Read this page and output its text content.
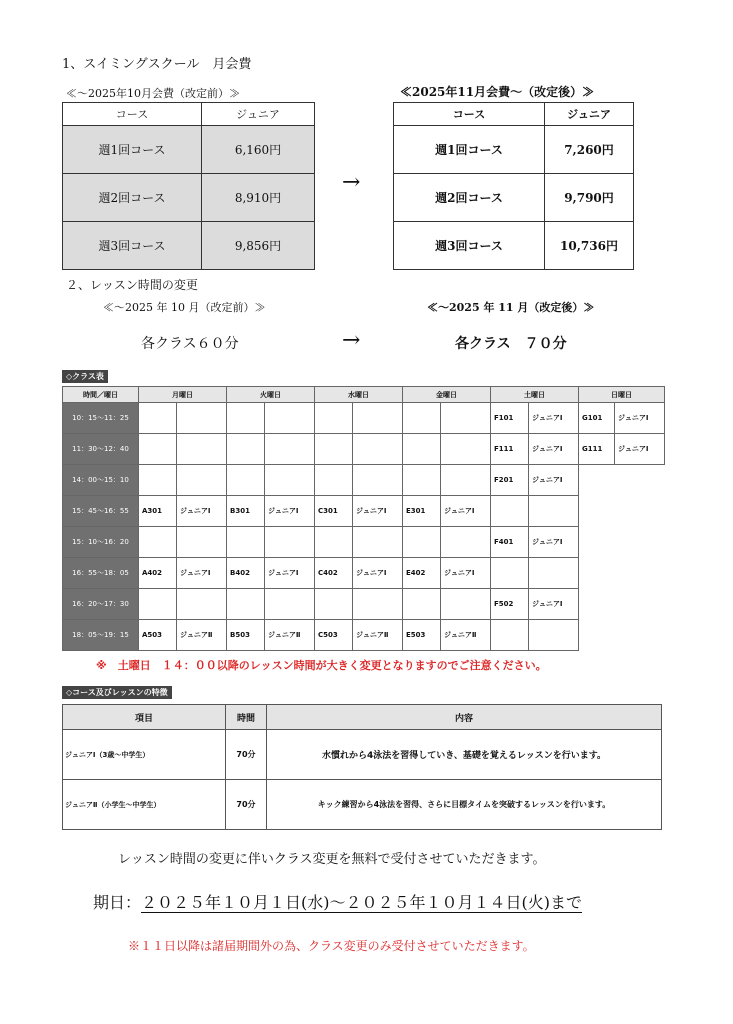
1、スイミングスクール　月会費
≪～2025年10月会費（改定前）≫	≪2025年11月会費～（改定後）≫
コース	ジュニア
週1回コース	6,160円
週2回コース	8,910円
週3回コース	9,856円
→
コース	ジュニア
週1回コース	7,260円
週2回コース	9,790円
週3回コース	10,736円
２、レッスン時間の変更
≪～2025 年 10 月（改定前）≫	≪～2025 年 11 月（改定後）≫
各クラス６０分	→	各クラス　７０分
◇クラス表
時間／曜日	月曜日		火曜日		水曜日		金曜日		土曜日		日曜日	
10：15～11：25									F101	ジュニアⅠ	G101	ジュニアⅠ
11：30～12：40									F111	ジュニアⅠ	G111	ジュニアⅠ
14：00～15：10									F201	ジュニアⅠ		
15：45～16：55	A301	ジュニアⅠ	B301	ジュニアⅠ	C301	ジュニアⅠ	E301	ジュニアⅠ				
15：10～16：20									F401	ジュニアⅠ		
16：55～18：05	A402	ジュニアⅠ	B402	ジュニアⅠ	C402	ジュニアⅠ	E402	ジュニアⅠ				
16：20～17：30									F502	ジュニアⅠ		
18：05～19：15	A503	ジュニアⅡ	B503	ジュニアⅡ	C503	ジュニアⅡ	E503	ジュニアⅡ				
※　土曜日　１４：００以降のレッスン時間が大きく変更となりますのでご注意ください。
◇コース及びレッスンの特徴
項目	時間	内容
ジュニアⅠ（3歳～中学生）	70分	水慣れから4泳法を習得していき、基礎を覚えるレッスンを行います。
ジュニアⅡ（小学生～中学生）	70分	キック練習から4泳法を習得、さらに目標タイムを突破するレッスンを行います。
レッスン時間の変更に伴いクラス変更を無料で受付させていただきます。
期日：２０２５年１０月１日(水)～２０２５年１０月１４日(火)まで
※１１日以降は諸届期間外の為、クラス変更のみ受付させていただきます。
